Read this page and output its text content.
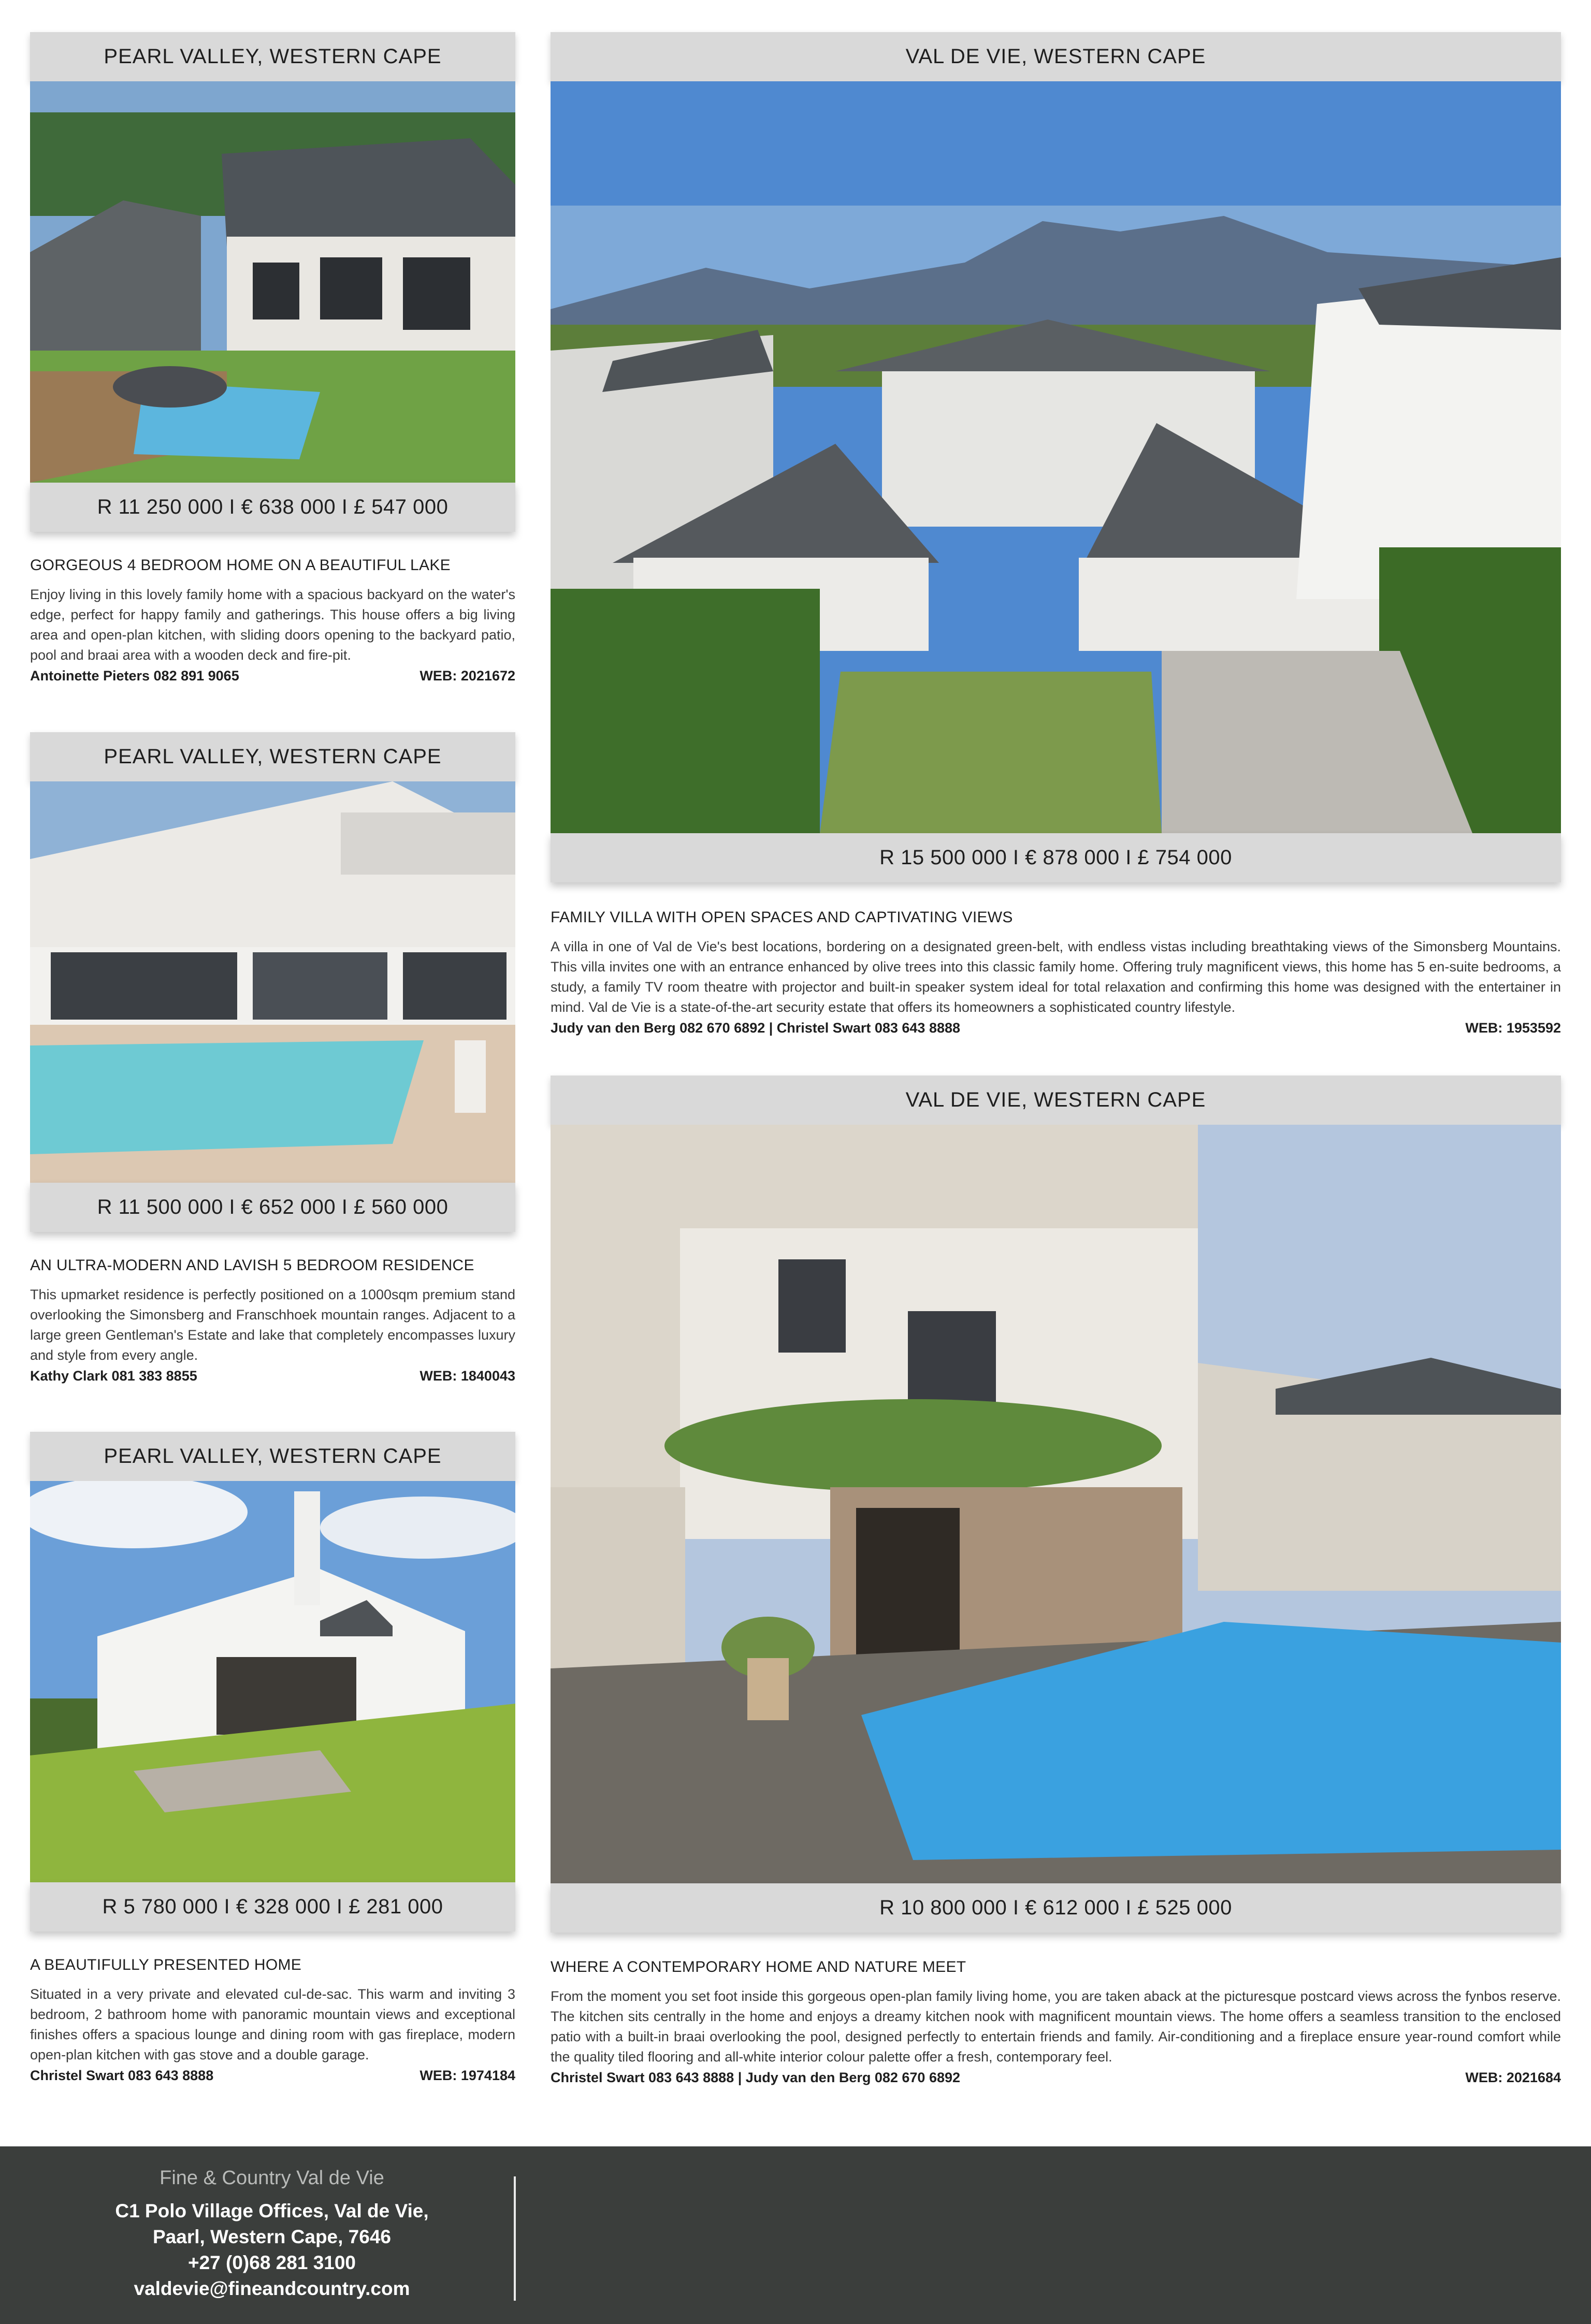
PEARL VALLEY, WESTERN CAPE
R 11 250 000 I € 638 000 I £ 547 000

GORGEOUS 4 BEDROOM HOME ON A BEAUTIFUL LAKE

Enjoy living in this lovely family home with a spacious backyard on the water's edge, perfect for happy family and gatherings. This house offers a big living area and open-plan kitchen, with sliding doors opening to the backyard patio, pool and braai area with a wooden deck and fire-pit.

Antoinette Pieters 082 891 9065	WEB: 2021672
PEARL VALLEY, WESTERN CAPE
R 11 500 000 I € 652 000 I £ 560 000

AN ULTRA-MODERN AND LAVISH 5 BEDROOM RESIDENCE

This upmarket residence is perfectly positioned on a 1000sqm premium stand overlooking the Simonsberg and Franschhoek mountain ranges. Adjacent to a large green Gentleman's Estate and lake that completely encompasses luxury and style from every angle.

Kathy Clark 081 383 8855	WEB: 1840043
PEARL VALLEY, WESTERN CAPE
R 5 780 000 I € 328 000 I £ 281 000

A BEAUTIFULLY PRESENTED HOME

Situated in a very private and elevated cul-de-sac. This warm and inviting 3 bedroom, 2 bathroom home with panoramic mountain views and exceptional finishes offers a spacious lounge and dining room with gas fireplace, modern open-plan kitchen with gas stove and a double garage.

Christel Swart 083 643 8888	WEB: 1974184
VAL DE VIE, WESTERN CAPE
R 15 500 000 I € 878 000 I £ 754 000

FAMILY VILLA WITH OPEN SPACES AND CAPTIVATING VIEWS

A villa in one of Val de Vie's best locations, bordering on a designated green-belt, with endless vistas including breathtaking views of the Simonsberg Mountains. This villa invites one with an entrance enhanced by olive trees into this classic family home. Offering truly magnificent views, this home has 5 en-suite bedrooms, a study, a family TV room theatre with projector and built-in speaker system ideal for total relaxation and confirming this home was designed with the entertainer in mind. Val de Vie is a state-of-the-art security estate that offers its homeowners a sophisticated country lifestyle.

Judy van den Berg 082 670 6892 | Christel Swart 083 643 8888	WEB: 1953592
VAL DE VIE, WESTERN CAPE
R 10 800 000 I € 612 000 I £ 525 000

WHERE A CONTEMPORARY HOME AND NATURE MEET

From the moment you set foot inside this gorgeous open-plan family living home, you are taken aback at the picturesque postcard views across the fynbos reserve. The kitchen sits centrally in the home and enjoys a dreamy kitchen nook with magnificent mountain views. The home offers a seamless transition to the enclosed patio with a built-in braai overlooking the pool, designed perfectly to entertain friends and family. Air-conditioning and a fireplace ensure year-round comfort while the quality tiled flooring and all-white interior colour palette offer a fresh, contemporary feel.

Christel Swart 083 643 8888 | Judy van den Berg 082 670 6892	WEB: 2021684
Fine & Country Val de Vie
C1 Polo Village Offices, Val de Vie,
Paarl, Western Cape, 7646
+27 (0)68 281 3100
valdevie@fineandcountry.com
